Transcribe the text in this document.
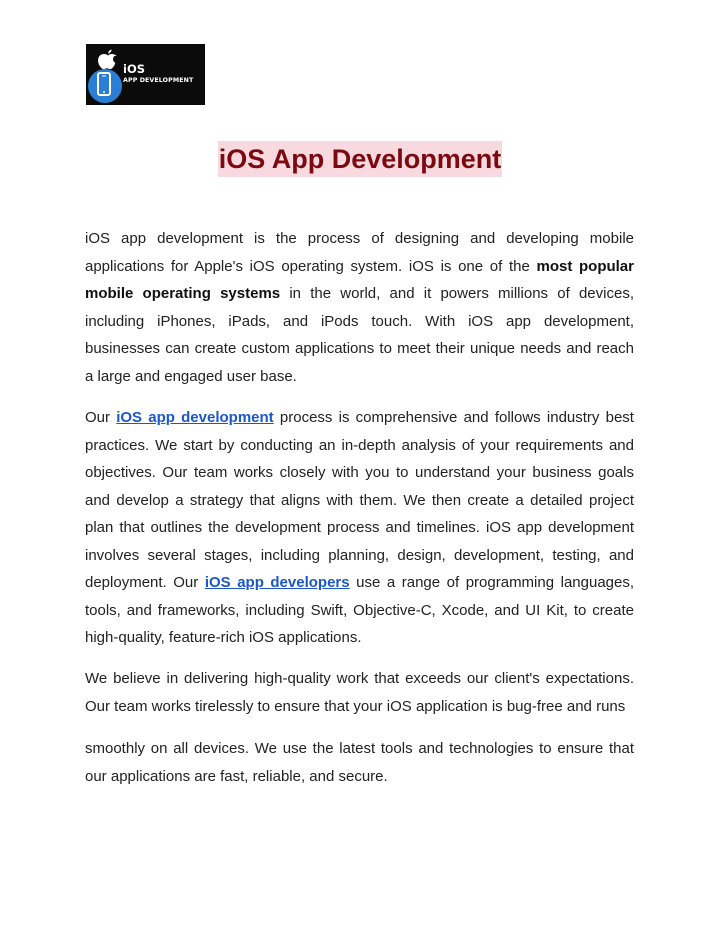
iOS
APP DEVELOPMENT
iOS App Development

iOS app development is the process of designing and developing mobile applications for Apple's iOS operating system. iOS is one of the most popular mobile operating systems in the world, and it powers millions of devices, including iPhones, iPads, and iPods touch. With iOS app development, businesses can create custom applications to meet their unique needs and reach a large and engaged user base.

Our iOS app development process is comprehensive and follows industry best practices. We start by conducting an in-depth analysis of your requirements and objectives. Our team works closely with you to understand your business goals and develop a strategy that aligns with them. We then create a detailed project plan that outlines the development process and timelines. iOS app development involves several stages, including planning, design, development, testing, and deployment. Our iOS app developers use a range of programming languages, tools, and frameworks, including Swift, Objective-C, Xcode, and UI Kit, to create high-quality, feature-rich iOS applications.

We believe in delivering high-quality work that exceeds our client's expectations. Our team works tirelessly to ensure that your iOS application is bug-free and runs

smoothly on all devices. We use the latest tools and technologies to ensure that our applications are fast, reliable, and secure.
